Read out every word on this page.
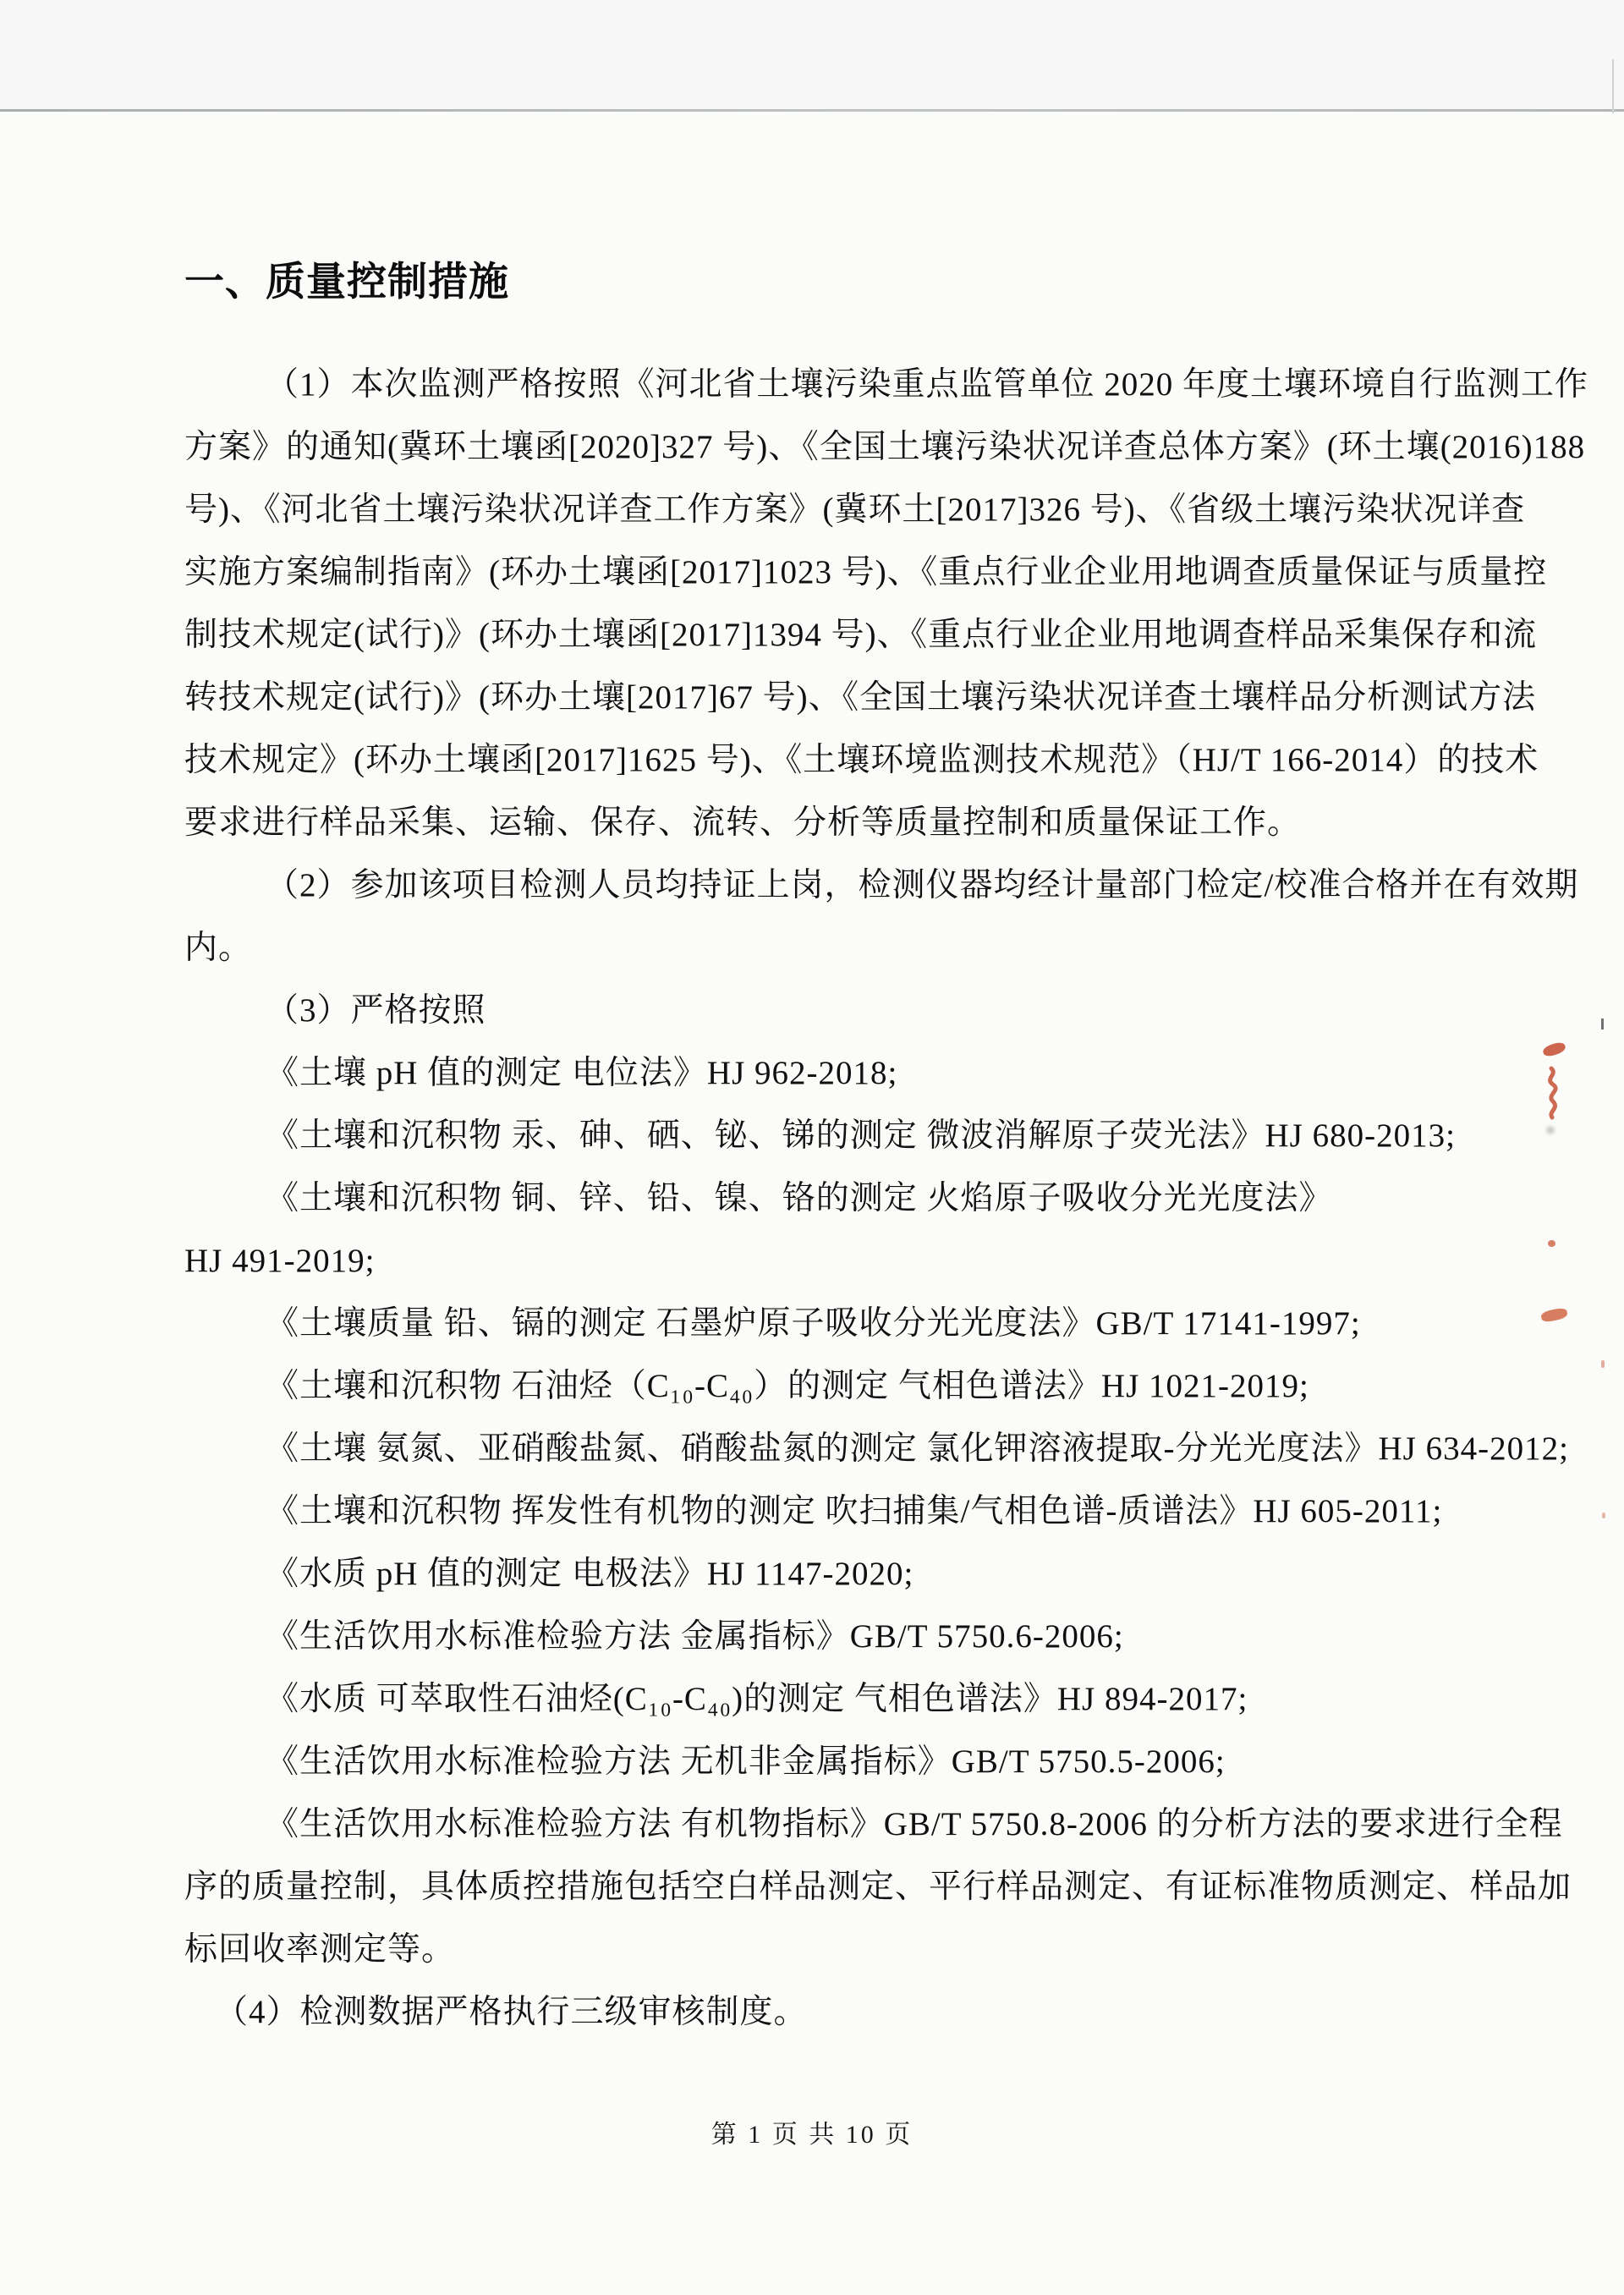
一、质量控制措施
（1）本次监测严格按照《河北省土壤污染重点监管单位 2020 年度土壤环境自行监测工作
方案》的通知(冀环土壤函[2020]327 号)、《全国土壤污染状况详查总体方案》(环土壤(2016)188
号)、《河北省土壤污染状况详查工作方案》(冀环土[2017]326 号)、《省级土壤污染状况详查
实施方案编制指南》(环办土壤函[2017]1023 号)、《重点行业企业用地调查质量保证与质量控
制技术规定(试行)》(环办土壤函[2017]1394 号)、《重点行业企业用地调查样品采集保存和流
转技术规定(试行)》(环办土壤[2017]67 号)、《全国土壤污染状况详查土壤样品分析测试方法
技术规定》(环办土壤函[2017]1625 号)、《土壤环境监测技术规范》（HJ/T 166-2014）的技术
要求进行样品采集、运输、保存、流转、分析等质量控制和质量保证工作。
（2）参加该项目检测人员均持证上岗，检测仪器均经计量部门检定/校准合格并在有效期
内。
（3）严格按照
《土壤 pH 值的测定 电位法》HJ 962-2018;
《土壤和沉积物 汞、砷、硒、铋、锑的测定 微波消解原子荧光法》HJ 680-2013;
《土壤和沉积物 铜、锌、铅、镍、铬的测定 火焰原子吸收分光光度法》
HJ 491-2019;
《土壤质量 铅、镉的测定 石墨炉原子吸收分光光度法》GB/T 17141-1997;
《土壤和沉积物 石油烃（C₁₀-C₄₀）的测定 气相色谱法》HJ 1021-2019;
《土壤 氨氮、亚硝酸盐氮、硝酸盐氮的测定 氯化钾溶液提取-分光光度法》HJ 634-2012;
《土壤和沉积物 挥发性有机物的测定 吹扫捕集/气相色谱-质谱法》HJ 605-2011;
《水质 pH 值的测定 电极法》HJ 1147-2020;
《生活饮用水标准检验方法 金属指标》GB/T 5750.6-2006;
《水质 可萃取性石油烃(C₁₀-C₄₀)的测定 气相色谱法》HJ 894-2017;
《生活饮用水标准检验方法 无机非金属指标》GB/T 5750.5-2006;
《生活饮用水标准检验方法 有机物指标》GB/T 5750.8-2006 的分析方法的要求进行全程
序的质量控制，具体质控措施包括空白样品测定、平行样品测定、有证标准物质测定、样品加
标回收率测定等。
（4）检测数据严格执行三级审核制度。
第 1 页 共 10 页
